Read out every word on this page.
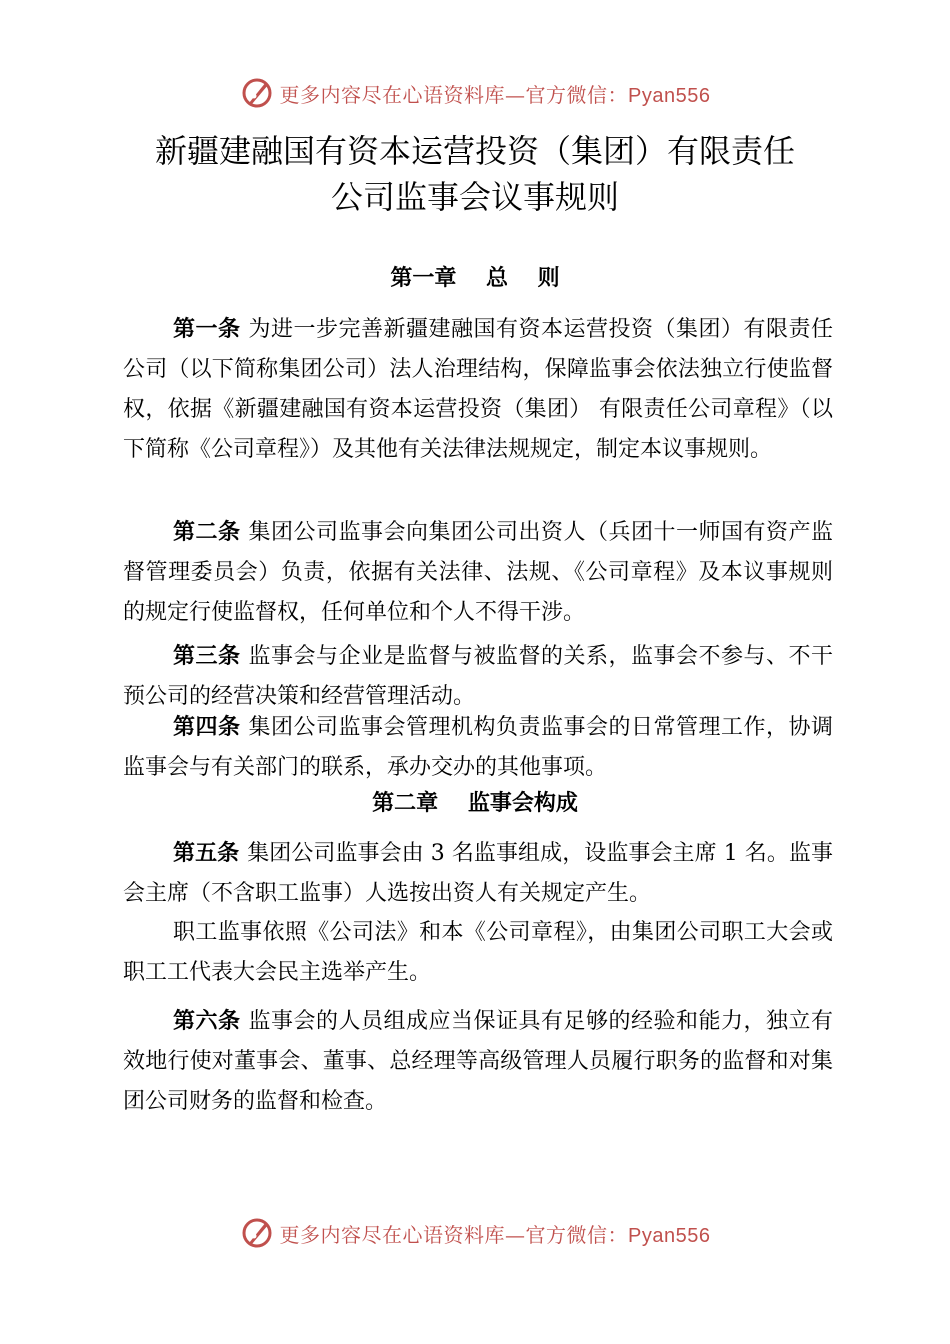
更多内容尽在心语资料库—官方微信：Pyan556
新疆建融国有资本运营投资（集团）有限责任
公司监事会议事规则
第一章　 总　 则

第一条 为进一步完善新疆建融国有资本运营投资（集团）有限责任公司（以下简称集团公司）法人治理结构，保障监事会依法独立行使监督权，依据《新疆建融国有资本运营投资（集团） 有限责任公司章程》（以下简称《公司章程》）及其他有关法律法规规定，制定本议事规则。

第二条 集团公司监事会向集团公司出资人（兵团十一师国有资产监督管理委员会）负责，依据有关法律、法规、《公司章程》及本议事规则的规定行使监督权，任何单位和个人不得干涉。

第三条 监事会与企业是监督与被监督的关系，监事会不参与、不干预公司的经营决策和经营管理活动。

第四条 集团公司监事会管理机构负责监事会的日常管理工作，协调监事会与有关部门的联系，承办交办的其他事项。

第二章　 监事会构成

第五条 集团公司监事会由 3 名监事组成，设监事会主席 1 名。监事会主席（不含职工监事）人选按出资人有关规定产生。

职工监事依照《公司法》和本《公司章程》，由集团公司职工大会或职工工代表大会民主选举产生。

第六条 监事会的人员组成应当保证具有足够的经验和能力，独立有效地行使对董事会、董事、总经理等高级管理人员履行职务的监督和对集团公司财务的监督和检查。

更多内容尽在心语资料库—官方微信：Pyan556
